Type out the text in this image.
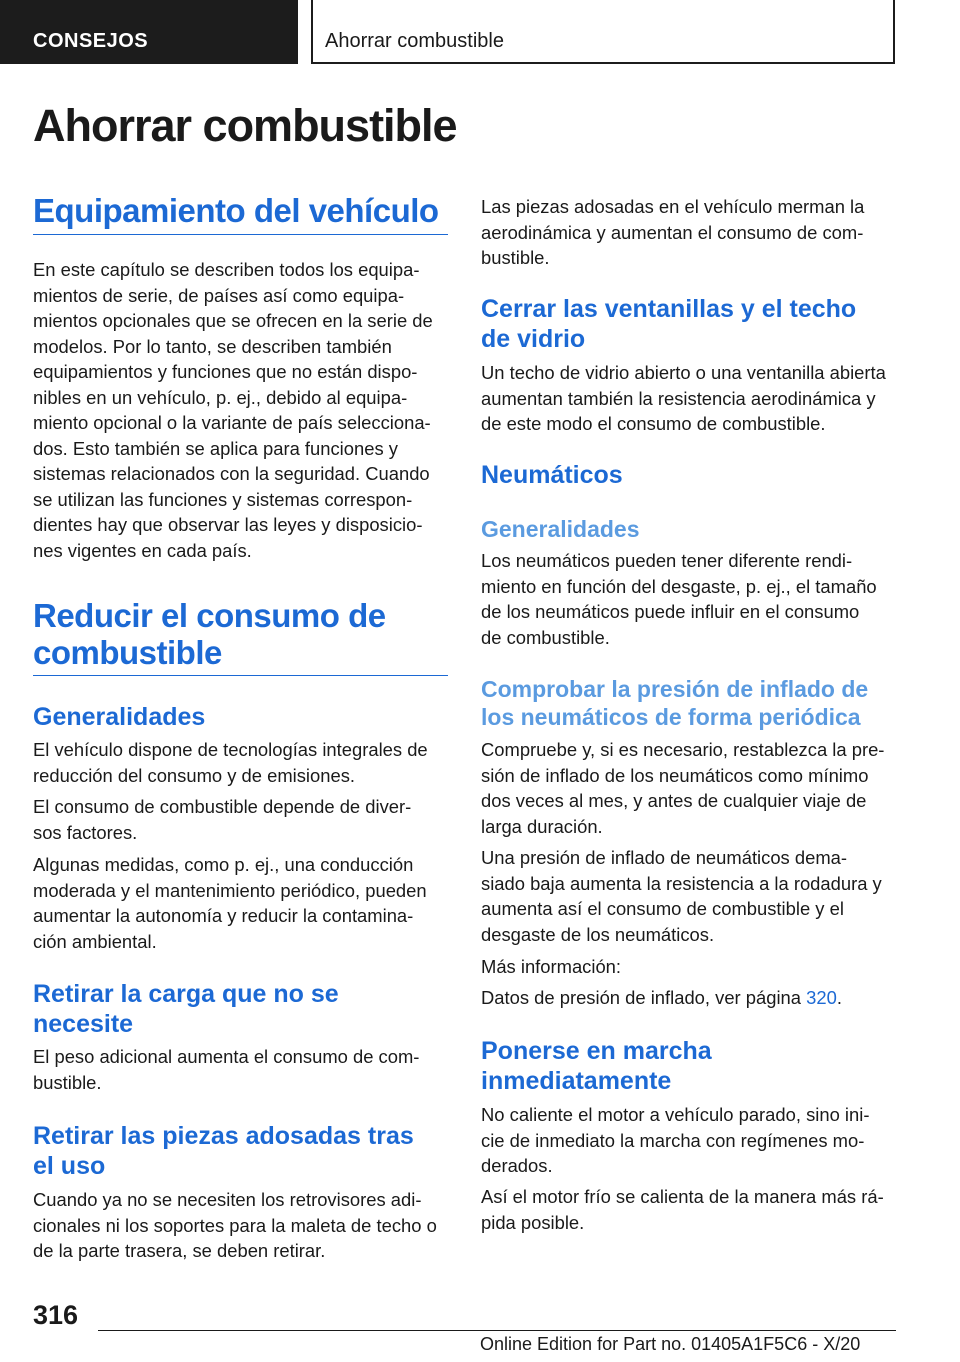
CONSEJOS	Ahorrar combustible
Ahorrar combustible
Equipamiento del vehículo
En este capítulo se describen todos los equipa-
mientos de serie, de países así como equipa-
mientos opcionales que se ofrecen en la serie de
modelos. Por lo tanto, se describen también
equipamientos y funciones que no están dispo-
nibles en un vehículo, p. ej., debido al equipa-
miento opcional o la variante de país selecciona-
dos. Esto también se aplica para funciones y
sistemas relacionados con la seguridad. Cuando
se utilizan las funciones y sistemas correspon-
dientes hay que observar las leyes y disposicio-
nes vigentes en cada país.
Reducir el consumo de
combustible
Generalidades
El vehículo dispone de tecnologías integrales de
reducción del consumo y de emisiones.
El consumo de combustible depende de diver-
sos factores.
Algunas medidas, como p. ej., una conducción
moderada y el mantenimiento periódico, pueden
aumentar la autonomía y reducir la contamina-
ción ambiental.
Retirar la carga que no se
necesite
El peso adicional aumenta el consumo de com-
bustible.
Retirar las piezas adosadas tras
el uso
Cuando ya no se necesiten los retrovisores adi-
cionales ni los soportes para la maleta de techo o
de la parte trasera, se deben retirar.
Las piezas adosadas en el vehículo merman la
aerodinámica y aumentan el consumo de com-
bustible.
Cerrar las ventanillas y el techo
de vidrio
Un techo de vidrio abierto o una ventanilla abierta
aumentan también la resistencia aerodinámica y
de este modo el consumo de combustible.
Neumáticos
Generalidades
Los neumáticos pueden tener diferente rendi-
miento en función del desgaste, p. ej., el tamaño
de los neumáticos puede influir en el consumo
de combustible.
Comprobar la presión de inflado de
los neumáticos de forma periódica
Compruebe y, si es necesario, restablezca la pre-
sión de inflado de los neumáticos como mínimo
dos veces al mes, y antes de cualquier viaje de
larga duración.
Una presión de inflado de neumáticos dema-
siado baja aumenta la resistencia a la rodadura y
aumenta así el consumo de combustible y el
desgaste de los neumáticos.
Más información:
Datos de presión de inflado, ver página 320.
Ponerse en marcha
inmediatamente
No caliente el motor a vehículo parado, sino ini-
cie de inmediato la marcha con regímenes mo-
derados.
Así el motor frío se calienta de la manera más rá-
pida posible.
316
Online Edition for Part no. 01405A1F5C6 - X/20
